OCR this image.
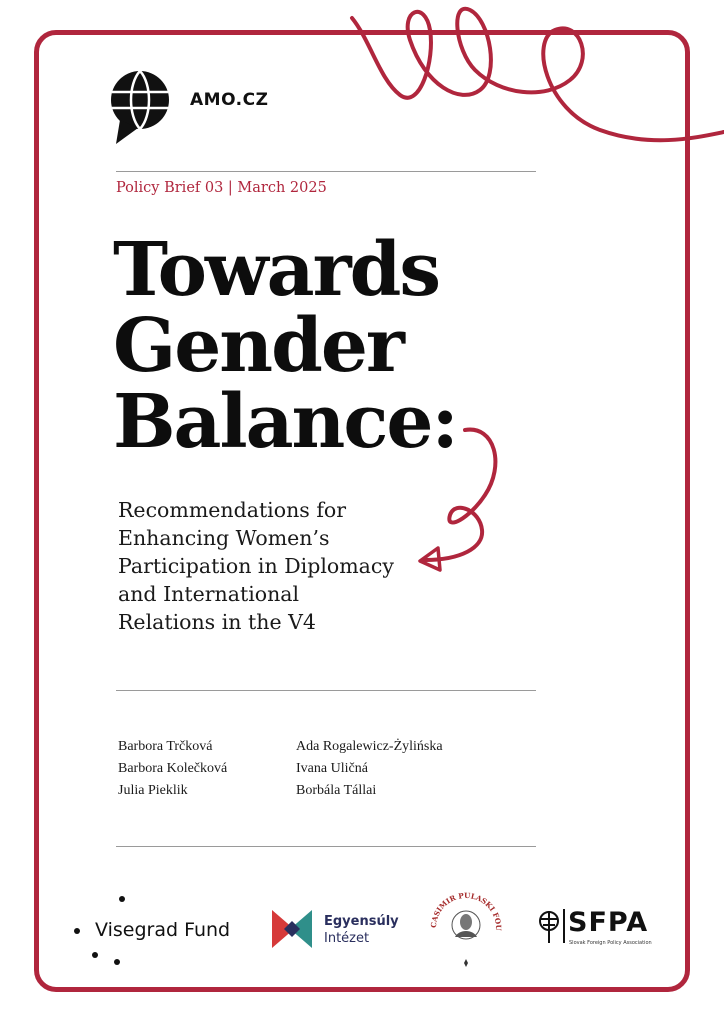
AMO.CZ
Policy Brief 03 | March 2025
Towards
Gender
Balance:
Recommendations for
Enhancing Women’s
Participation in Diplomacy
and International
Relations in the V4
Barbora Trčková
Barbora Kolečková
Julia Pieklik
Ada Rogalewicz-Żylińska
Ivana Uličná
Borbála Tállai
Visegrad Fund	Egyensúly
Intézet
CASIMIR PULASKI FOU SFPA
Slovak Foreign Policy Association
